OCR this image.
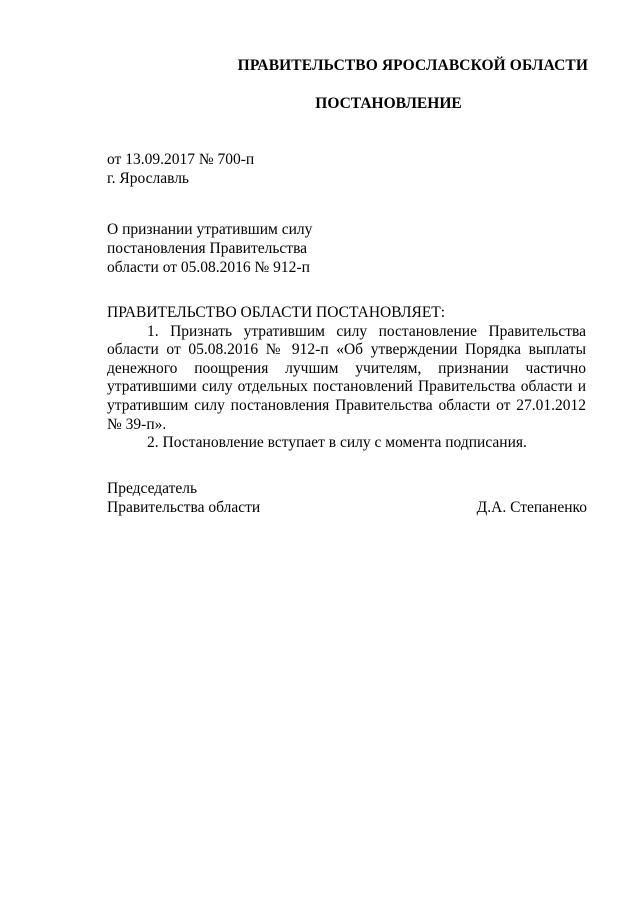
ПРАВИТЕЛЬСТВО ЯРОСЛАВСКОЙ ОБЛАСТИ
ПОСТАНОВЛЕНИЕ
от 13.09.2017 № 700-п
г. Ярославль
О признании утратившим силу
постановления Правительства
области от 05.08.2016 № 912-п
ПРАВИТЕЛЬСТВО ОБЛАСТИ ПОСТАНОВЛЯЕТ:

1. Признать утратившим силу постановление Правительства области от 05.08.2016 № 912-п «Об утверждении Порядка выплаты денежного поощрения лучшим учителям, признании частично утратившими силу отдельных постановлений Правительства области и утратившим силу постановления Правительства области от 27.01.2012 № 39-п».

2. Постановление вступает в силу с момента подписания.

Председатель
Правительства области	Д.А. Степаненко
